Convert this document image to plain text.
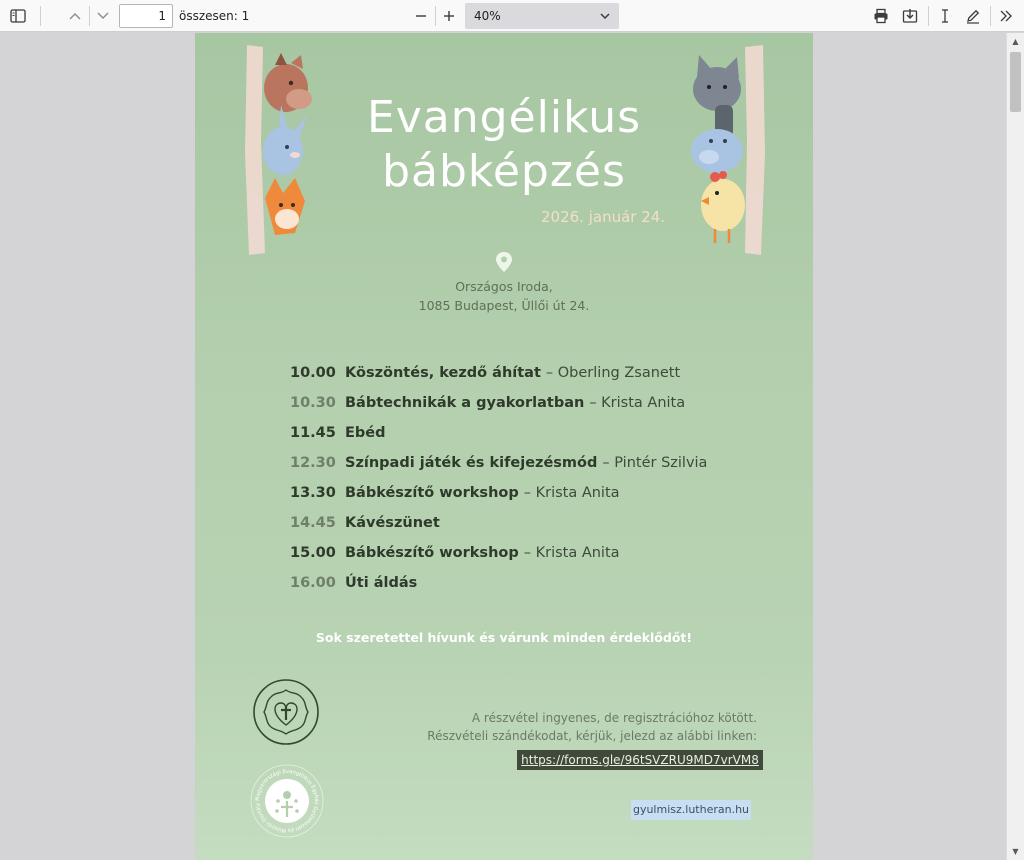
1
összesen: 1	40%
▲
▼
Evangélikus
bábképzés
2026. január 24.
Országos Iroda,
1085 Budapest, Üllői út 24.
10.00 Köszöntés, kezdő áhítat – Oberling Zsanett
10.30 Bábtechnikák a gyakorlatban – Krista Anita
11.45 Ebéd
12.30 Színpadi játék és kifejezésmód – Pintér Szilvia
13.30 Bábkészítő workshop – Krista Anita
14.45 Kávészünet
15.00 Bábkészítő workshop – Krista Anita
16.00 Úti áldás
Sok szeretettel hívunk és várunk minden érdeklődőt!
Magyarországi Evangélikus Egyház Gyülekezeti és Missziói Osztály
A részvétel ingyenes, de regisztrációhoz kötött.
Részvételi szándékodat, kérjük, jelezd az alábbi linken:
https://forms.gle/96tSVZRU9MD7vrVM8
gyulmisz.lutheran.hu
